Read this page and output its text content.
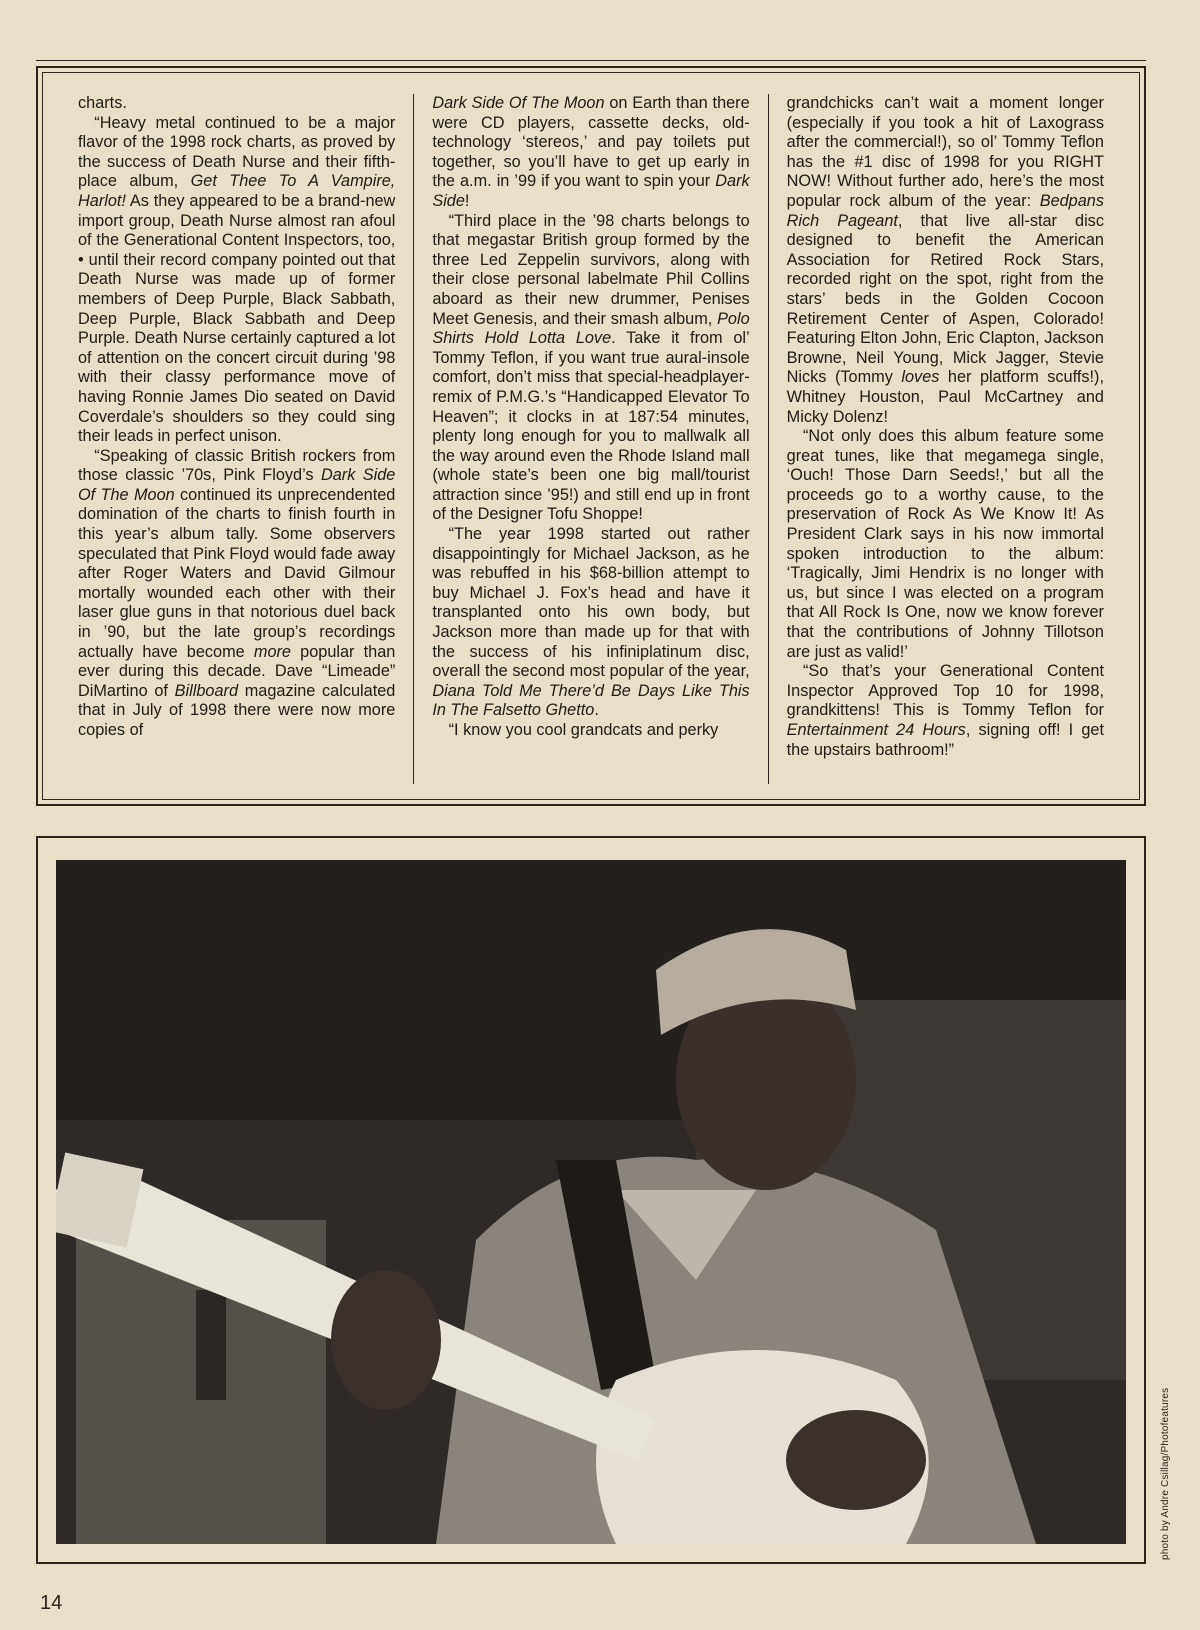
charts.

“Heavy metal continued to be a major flavor of the 1998 rock charts, as proved by the success of Death Nurse and their fifth-place album, Get Thee To A Vampire, Harlot! As they appeared to be a brand-new import group, Death Nurse almost ran afoul of the Generational Content Inspectors, too, • until their record company pointed out that Death Nurse was made up of former members of Deep Purple, Black Sabbath, Deep Purple, Black Sabbath and Deep Purple. Death Nurse certainly captured a lot of attention on the concert circuit during ’98 with their classy performance move of having Ronnie James Dio seated on David Coverdale’s shoulders so they could sing their leads in perfect unison.

“Speaking of classic British rockers from those classic ’70s, Pink Floyd’s Dark Side Of The Moon continued its unprecendented domination of the charts to finish fourth in this year’s album tally. Some observers speculated that Pink Floyd would fade away after Roger Waters and David Gilmour mortally wounded each other with their laser glue guns in that notorious duel back in ’90, but the late group’s recordings actually have become more popular than ever during this decade. Dave “Limeade” DiMartino of Billboard magazine calculated that in July of 1998 there were now more copies of

Dark Side Of The Moon on Earth than there were CD players, cassette decks, old-technology ‘stereos,’ and pay toilets put together, so you’ll have to get up early in the a.m. in ’99 if you want to spin your Dark Side!

“Third place in the ’98 charts belongs to that megastar British group formed by the three Led Zeppelin survivors, along with their close personal labelmate Phil Collins aboard as their new drummer, Penises Meet Genesis, and their smash album, Polo Shirts Hold Lotta Love. Take it from ol’ Tommy Teflon, if you want true aural-insole comfort, don’t miss that special-headplayer-remix of P.M.G.’s “Handicapped Elevator To Heaven”; it clocks in at 187:54 minutes, plenty long enough for you to mallwalk all the way around even the Rhode Island mall (whole state’s been one big mall/tourist attraction since ’95!) and still end up in front of the Designer Tofu Shoppe!

“The year 1998 started out rather disappointingly for Michael Jackson, as he was rebuffed in his $68-billion attempt to buy Michael J. Fox’s head and have it transplanted onto his own body, but Jackson more than made up for that with the success of his infiniplatinum disc, overall the second most popular of the year, Diana Told Me There’d Be Days Like This In The Falsetto Ghetto.

“I know you cool grandcats and perky

grandchicks can’t wait a moment longer (especially if you took a hit of Laxograss after the commercial!), so ol’ Tommy Teflon has the #1 disc of 1998 for you RIGHT NOW! Without further ado, here’s the most popular rock album of the year: Bedpans Rich Pageant, that live all-star disc designed to benefit the American Association for Retired Rock Stars, recorded right on the spot, right from the stars’ beds in the Golden Cocoon Retirement Center of Aspen, Colorado! Featuring Elton John, Eric Clapton, Jackson Browne, Neil Young, Mick Jagger, Stevie Nicks (Tommy loves her platform scuffs!), Whitney Houston, Paul McCartney and Micky Dolenz!

“Not only does this album feature some great tunes, like that megamega single, ‘Ouch! Those Darn Seeds!,’ but all the proceeds go to a worthy cause, to the preservation of Rock As We Know It! As President Clark says in his now immortal spoken introduction to the album: ‘Tragically, Jimi Hendrix is no longer with us, but since I was elected on a program that All Rock Is One, now we know forever that the contributions of Johnny Tillotson are just as valid!’

“So that’s your Generational Content Inspector Approved Top 10 for 1998, grandkittens! This is Tommy Teflon for Entertainment 24 Hours, signing off! I get the upstairs bathroom!”

photo by Andre Csillag/Photofeatures
14
